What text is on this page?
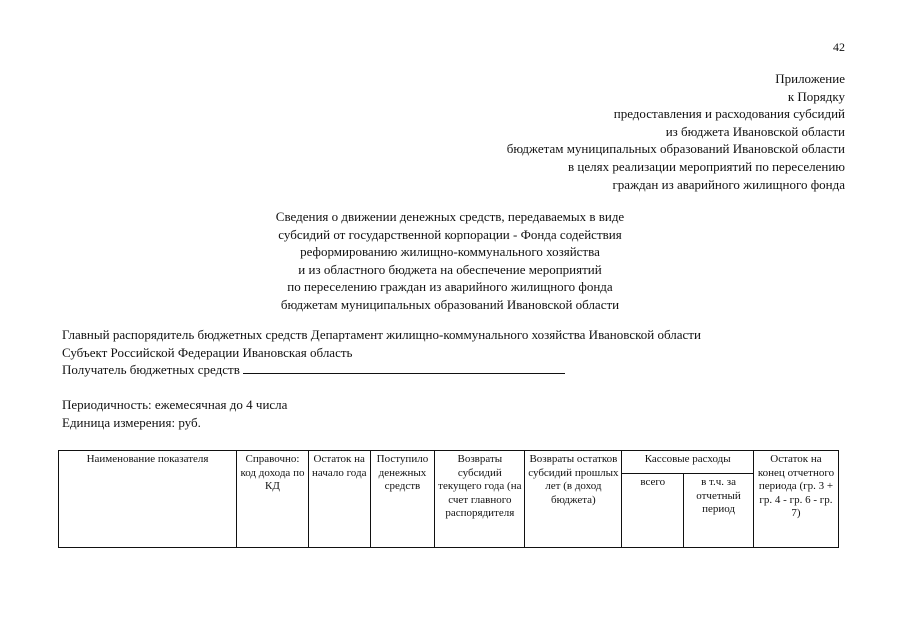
42
Приложение
к Порядку
предоставления и расходования субсидий
из бюджета Ивановской области
бюджетам муниципальных образований Ивановской области
в целях реализации мероприятий по переселению
граждан из аварийного жилищного фонда
Сведения о движении денежных средств, передаваемых в виде
субсидий от государственной корпорации - Фонда содействия
реформированию жилищно-коммунального хозяйства
и из областного бюджета на обеспечение мероприятий
по переселению граждан из аварийного жилищного фонда
бюджетам муниципальных образований Ивановской области
Главный распорядитель бюджетных средств Департамент жилищно-коммунального хозяйства Ивановской области
Субъект Российской Федерации Ивановская область
Получатель бюджетных средств
Периодичность: ежемесячная до 4 числа
Единица измерения: руб.
Наименование показателя	Справочно: код дохода по КД	Остаток на начало года	Поступило денежных средств	Возвраты субсидий текущего года (на счет главного распорядителя	Возвраты остатков субсидий прошлых лет (в доход бюджета)	Кассовые расходы		Остаток на конец отчетного периода (гр. 3 + гр. 4 - гр. 6 - гр. 7)
						всего	в т.ч. за отчетный период	
